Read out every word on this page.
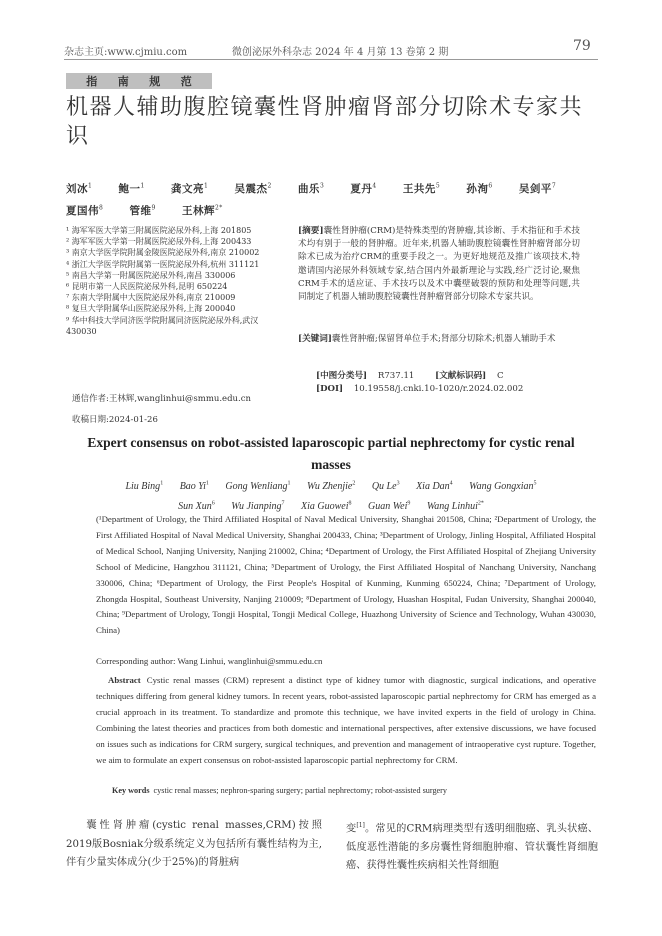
杂志主页:www.cjmiu.com	微创泌尿外科杂志 2024 年 4 月第 13 卷第 2 期	79
指 南 规 范
机器人辅助腹腔镜囊性肾肿瘤肾部分切除术专家共识
刘冰$^1$ 鲍一$^1$ 龚文亮$^1$ 吴震杰$^2$ 曲乐$^3$ 夏丹$^4$ 王共先$^5$ 孙洵$^6$ 吴剑平$^7$ 夏国伟$^8$ 管维$^9$ 王林辉$^{2*}$
¹ 海军军医大学第三附属医院泌尿外科,上海 201805
² 海军军医大学第一附属医院泌尿外科,上海 200433
³ 南京大学医学院附属金陵医院泌尿外科,南京 210002
⁴ 浙江大学医学院附属第一医院泌尿外科,杭州 311121
⁵ 南昌大学第一附属医院泌尿外科,南昌 330006
⁶ 昆明市第一人民医院泌尿外科,昆明 650224
⁷ 东南大学附属中大医院泌尿外科,南京 210009
⁸ 复旦大学附属华山医院泌尿外科,上海 200040
⁹ 华中科技大学同济医学院附属同济医院泌尿外科,武汉 430030
通信作者:王林辉,wanglinhui@smmu.edu.cn
收稿日期:2024-01-26
[摘要]囊性肾肿瘤(CRM)是特殊类型的肾肿瘤,其诊断、手术指征和手术技术均有别于一般的肾肿瘤。近年来,机器人辅助腹腔镜囊性肾肿瘤肾部分切除术已成为治疗CRM的重要手段之一。为更好地规范及推广该项技术,特邀请国内泌尿外科领域专家,结合国内外最新理论与实践,经广泛讨论,聚焦CRM手术的适应证、手术技巧以及术中囊壁破裂的预防和处理等问题,共同制定了机器人辅助腹腔镜囊性肾肿瘤肾部分切除术专家共识。
[关键词]囊性肾肿瘤;保留肾单位手术;肾部分切除术;机器人辅助手术
[中图分类号] R737.11 [文献标识码] C
[DOI] 10.19558/j.cnki.10-1020/r.2024.02.002
Expert consensus on robot-assisted laparoscopic partial nephrectomy for cystic renal masses
Liu Bing$^1$ Bao Yi$^1$ Gong Wenliang$^1$ Wu Zhenjie$^2$ Qu Le$^3$ Xia Dan$^4$ Wang Gongxian$^5$
Sun Xun$^6$ Wu Jianping$^7$ Xia Guowei$^8$ Guan Wei$^9$ Wang Linhui$^{2*}$
(¹Department of Urology, the Third Affiliated Hospital of Naval Medical University, Shanghai 201508, China; ²Department of Urology, the First Affiliated Hospital of Naval Medical University, Shanghai 200433, China; ³Department of Urology, Jinling Hospital, Affiliated Hospital of Medical School, Nanjing University, Nanjing 210002, China; ⁴Department of Urology, the First Affiliated Hospital of Zhejiang University School of Medicine, Hangzhou 311121, China; ⁵Department of Urology, the First Affiliated Hospital of Nanchang University, Nanchang 330006, China; ⁶Department of Urology, the First People's Hospital of Kunming, Kunming 650224, China; ⁷Department of Urology, Zhongda Hospital, Southeast University, Nanjing 210009; ⁸Department of Urology, Huashan Hospital, Fudan University, Shanghai 200040, China; ⁹Department of Urology, Tongji Hospital, Tongji Medical College, Huazhong University of Science and Technology, Wuhan 430030, China)
Corresponding author: Wang Linhui, wanglinhui@smmu.edu.cn
Abstract Cystic renal masses (CRM) represent a distinct type of kidney tumor with diagnostic, surgical indications, and operative techniques differing from general kidney tumors. In recent years, robot-assisted laparoscopic partial nephrectomy for CRM has emerged as a crucial approach in its treatment. To standardize and promote this technique, we have invited experts in the field of urology in China. Combining the latest theories and practices from both domestic and international perspectives, after extensive discussions, we have focused on issues such as indications for CRM surgery, surgical techniques, and prevention and management of intraoperative cyst rupture. Together, we aim to formulate an expert consensus on robot-assisted laparoscopic partial nephrectomy for CRM.
Key words cystic renal masses; nephron-sparing surgery; partial nephrectomy; robot-assisted surgery
囊性肾肿瘤(cystic renal masses,CRM)按照 2019版Bosniak分级系统定义为包括所有囊性结构为主,伴有少量实体成分(少于25%)的肾脏病
变[1]。常见的CRM病理类型有透明细胞癌、乳头状癌、低度恶性潜能的多房囊性肾细胞肿瘤、管状囊性肾细胞癌、获得性囊性疾病相关性肾细胞
